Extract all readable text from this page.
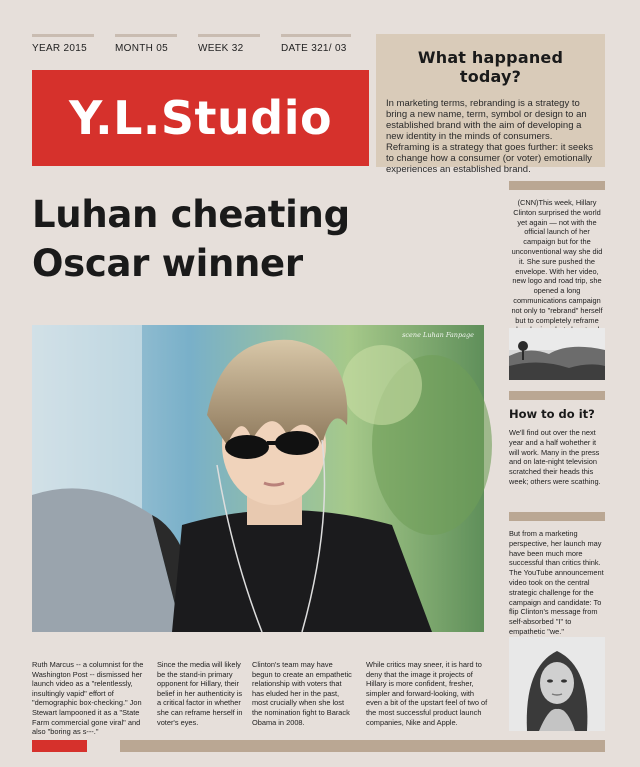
YEAR 2015	MONTH 05	WEEK 32	DATE 321/ 03
Y.L.Studio
What happaned today?

In marketing terms, rebranding is a strategy to bring a new name, term, symbol or design to an established brand with the aim of developing a new identity in the minds of consumers. Reframing is a strategy that goes further: it seeks to change how a consumer (or voter) emotionally experiences an established brand.

Luhan cheating
Oscar winner
scene Luhan Fanpage

(CNN)This week, Hillary Clinton surprised the world yet again — not with the official launch of her campaign but for the unconventional way she did it. She sure pushed the envelope. With her video, new logo and road trip, she opened a long communications campaign not only to "rebrand" herself but to completely reframe

How to do it?

We'll find out over the next year and a half wohether it will work. Many in the press and on late-night television scratched their heads this week; others were scathing.

But from a marketing perspective, her launch may have been much more successful than critics think. The YouTube announcement video took on the central strategic challenge for the campaign and candidate: To flip Clinton's message from self-absorbed "I" to empathetic "we."

Ruth Marcus -- a columnist for the Washington Post -- dismissed her launch video as a "relentlessly, insultingly vapid" effort of "demographic box-checking." Jon Stewart lampooned it as a "State Farm commercial gone viral" and also "boring as s---."

Since the media will likely be the stand-in primary opponent for Hillary, their belief in her authenticity is a critical factor in whether she can reframe herself in voter's eyes.

Clinton's team may have begun to create an empathetic relationship with voters that has eluded her in the past, most crucially when she lost the nomination fight to Barack Obama in 2008.

While critics may sneer, it is hard to deny that the image it projects of Hillary is more confident, fresher, simpler and forward-looking, with even a bit of the upstart feel of two of the most successful product launch companies, Nike and Apple.
